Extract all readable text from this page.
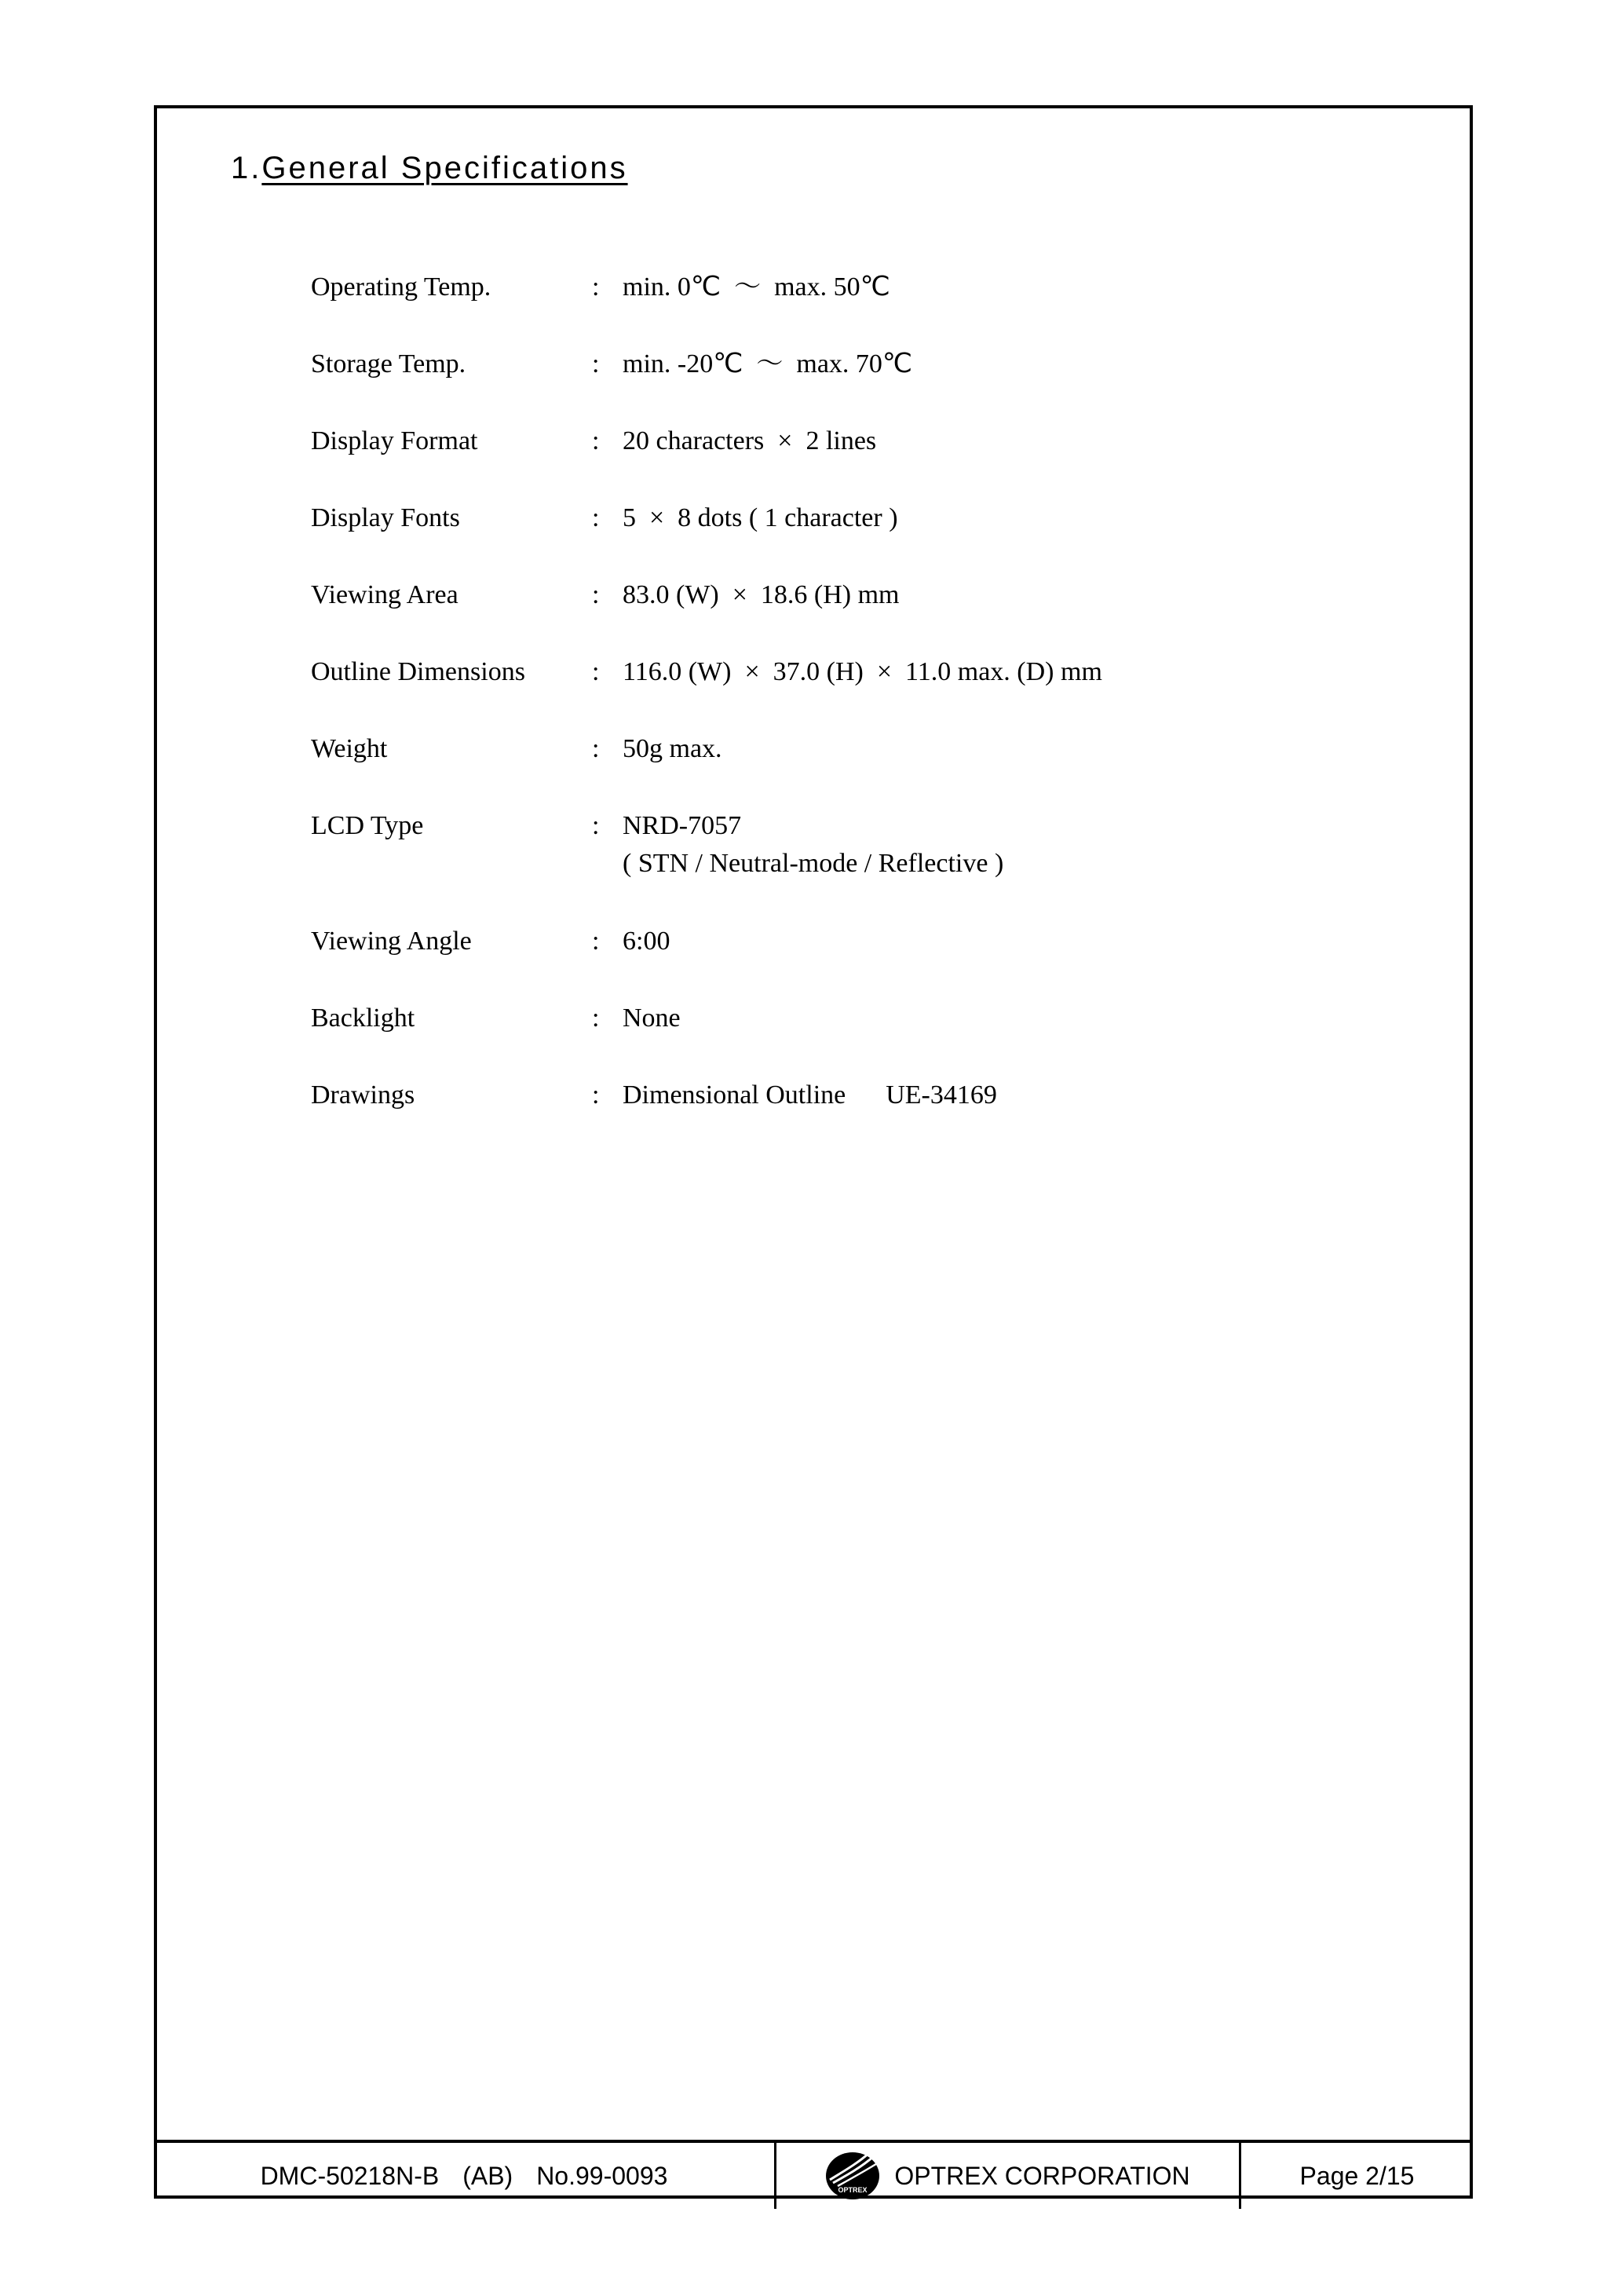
1.General Specifications
Operating Temp.	: min. 0℃  〜  max. 50℃
Storage Temp.	: min. -20℃  〜  max. 70℃
Display Format	: 20 characters  ×  2 lines
Display Fonts	: 5  ×  8 dots ( 1 character )
Viewing Area	: 83.0 (W)  ×  18.6 (H) mm
Outline Dimensions	: 116.0 (W)  ×  37.0 (H)  ×  11.0 max. (D) mm
Weight	: 50g max.
LCD Type	: NRD-7057
( STN / Neutral-mode / Reflective )
Viewing Angle	: 6:00
Backlight	: None
Drawings	: Dimensional Outline      UE-34169
DMC-50218N-B (AB) No.99-0093
OPTREX
OPTREX CORPORATION	Page 2/15
